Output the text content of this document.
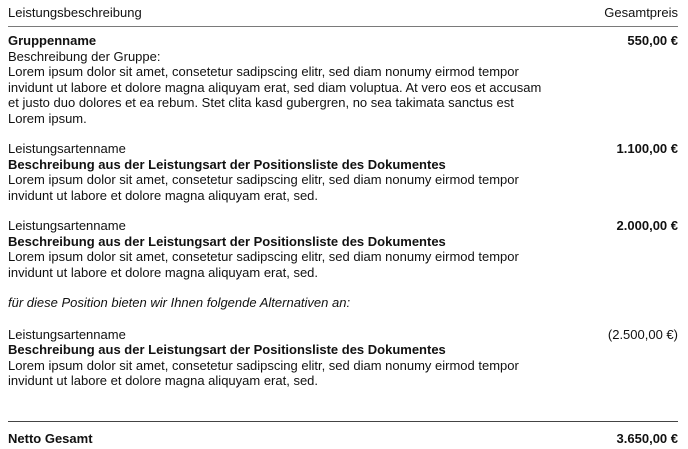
Leistungsbeschreibung	Gesamtpreis
Gruppenname
Beschreibung der Gruppe:
Lorem ipsum dolor sit amet, consetetur sadipscing elitr, sed diam nonumy eirmod tempor invidunt ut labore et dolore magna aliquyam erat, sed diam voluptua. At vero eos et accusam et justo duo dolores et ea rebum. Stet clita kasd gubergren, no sea takimata sanctus est Lorem ipsum.
550,00 €
Leistungsartenname
Beschreibung aus der Leistungsart der Positionsliste des Dokumentes
Lorem ipsum dolor sit amet, consetetur sadipscing elitr, sed diam nonumy eirmod tempor invidunt ut labore et dolore magna aliquyam erat, sed.
1.100,00 €
Leistungsartenname
Beschreibung aus der Leistungsart der Positionsliste des Dokumentes
Lorem ipsum dolor sit amet, consetetur sadipscing elitr, sed diam nonumy eirmod tempor invidunt ut labore et dolore magna aliquyam erat, sed.
2.000,00 €
für diese Position bieten wir Ihnen folgende Alternativen an:
Leistungsartenname
Beschreibung aus der Leistungsart der Positionsliste des Dokumentes
Lorem ipsum dolor sit amet, consetetur sadipscing elitr, sed diam nonumy eirmod tempor invidunt ut labore et dolore magna aliquyam erat, sed.
(2.500,00 €)
Netto Gesamt	3.650,00 €
